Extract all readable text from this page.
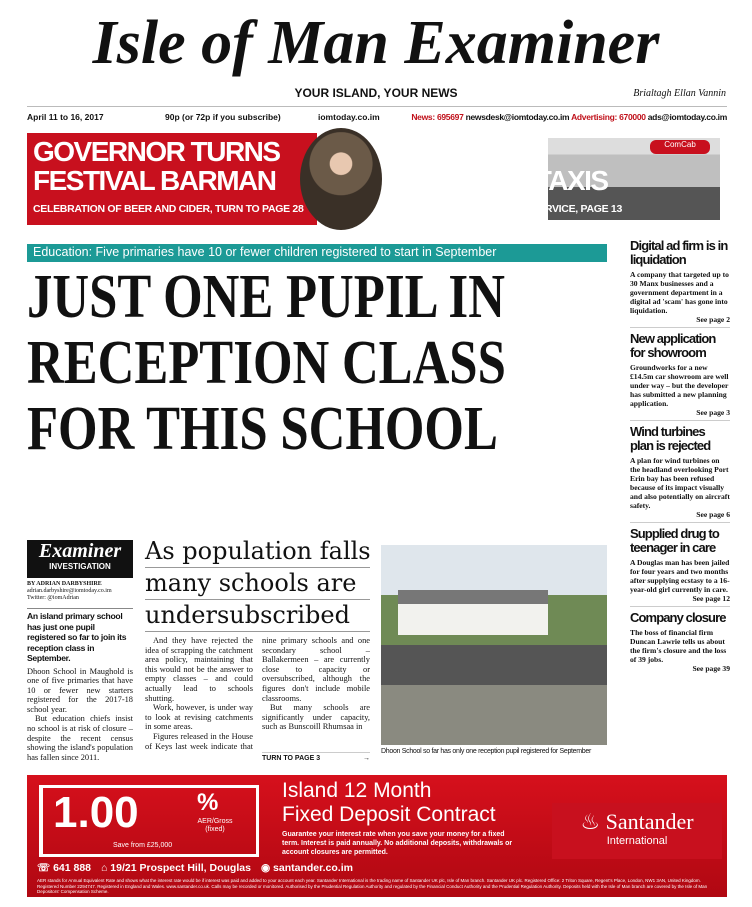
Isle of Man Examiner
YOUR ISLAND, YOUR NEWS	Brialtagh Ellan Vannin
April 11 to 16, 2017	90p (or 72p if you subscribe)	iomtoday.co.im	News: 695697 newsdesk@iomtoday.co.im Advertising: 670000 ads@iomtoday.co.im
GOVERNOR TURNS FESTIVAL BARMAN
CELEBRATION OF BEER AND CIDER, TURN TO PAGE 28
VERDICT ON TRANSFER TAXIS
PATIENTS TALK ABOUT NEW SERVICE, PAGE 13
ComCab
Education: Five primaries have 10 or fewer children registered to start in September
JUST ONE PUPIL IN RECEPTION CLASS FOR THIS SCHOOL
Examiner
INVESTIGATION
BY ADRIAN DARBYSHIRE
adrian.darbyshire@iomtoday.co.im
Twitter: @iomAdrian
An island primary school has just one pupil registered so far to join its reception class in September.

Dhoon School in Maughold is one of five primaries that have 10 or fewer new starters registered for the 2017-18 school year.

But education chiefs insist no school is at risk of closure – despite the recent census showing the island's population has fallen since 2011.

As population falls
many schools are
undersubscribed

And they have rejected the idea of scrapping the catchment area policy, maintaining that this would not be the answer to empty classes – and could actually lead to schools shutting.

Work, however, is under way to look at revising catchments in some areas.

Figures released in the House of Keys last week indicate that nine primary schools and one secondary school – Ballakermeen – are currently close to capacity or oversubscribed, although the figures don't include mobile classrooms.

But many schools are significantly under capacity, such as Bunscoill Rhumsaa in

TURN TO PAGE 3	→
Dhoon School so far has only one reception pupil registered for September
Digital ad firm is in liquidation
A company that targeted up to 30 Manx businesses and a government department in a digital ad 'scam' has gone into liquidation.
See page 2
New application for showroom
Groundworks for a new £14.5m car showroom are well under way – but the developer has submitted a new planning application.
See page 3
Wind turbines plan is rejected
A plan for wind turbines on the headland overlooking Port Erin bay has been refused because of its impact visually and also potentially on aircraft safety.
See page 6
Supplied drug to teenager in care
A Douglas man has been jailed for four years and two months after supplying ecstasy to a 16-year-old girl currently in care.
See page 12
Company closure
The boss of financial firm Duncan Lawrie tells us about the firm's closure and the loss of 39 jobs.
See page 39
1.00 %
AER/Gross (fixed)
Save from £25,000
Island 12 Month
Fixed Deposit Contract
Guarantee your interest rate when you save your money for a fixed term. Interest is paid annually. No additional deposits, withdrawals or account closures are permitted.
♨ Santander
International
☏ 641 888 ⌂ 19/21 Prospect Hill, Douglas ◉ santander.co.im
AER stands for Annual Equivalent Rate and shows what the interest rate would be if interest was paid and added to your account each year. Santander International is the trading name of Santander UK plc, Isle of Man branch. Santander UK plc. Registered Office: 2 Triton Square, Regent's Place, London, NW1 3AN, United Kingdom. Registered Number 2294747. Registered in England and Wales. www.santander.co.uk. Calls may be recorded or monitored. Authorised by the Prudential Regulation Authority and regulated by the Financial Conduct Authority and the Prudential Regulation Authority. Deposits held with the Isle of Man branch are covered by the Isle of Man Depositors' Compensation Scheme.
